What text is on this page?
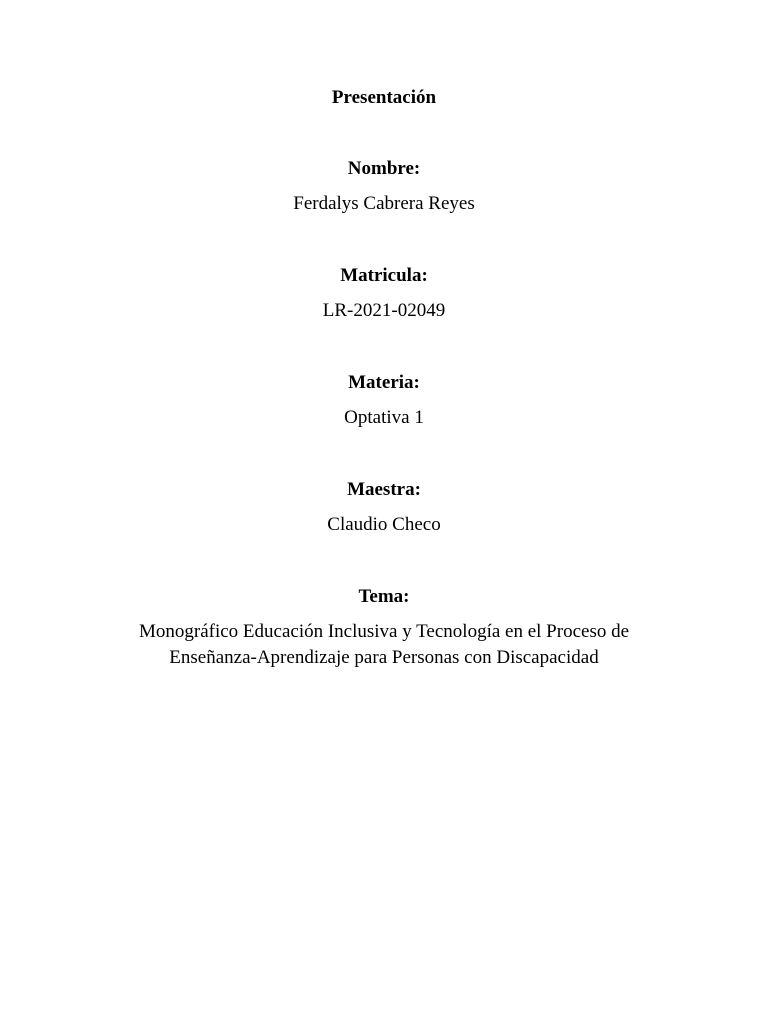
Presentación
Nombre:
Ferdalys Cabrera Reyes
Matricula:
LR-2021-02049
Materia:
Optativa 1
Maestra:
Claudio Checo
Tema:
Monográfico Educación Inclusiva y Tecnología en el Proceso de
Enseñanza-Aprendizaje para Personas con Discapacidad
